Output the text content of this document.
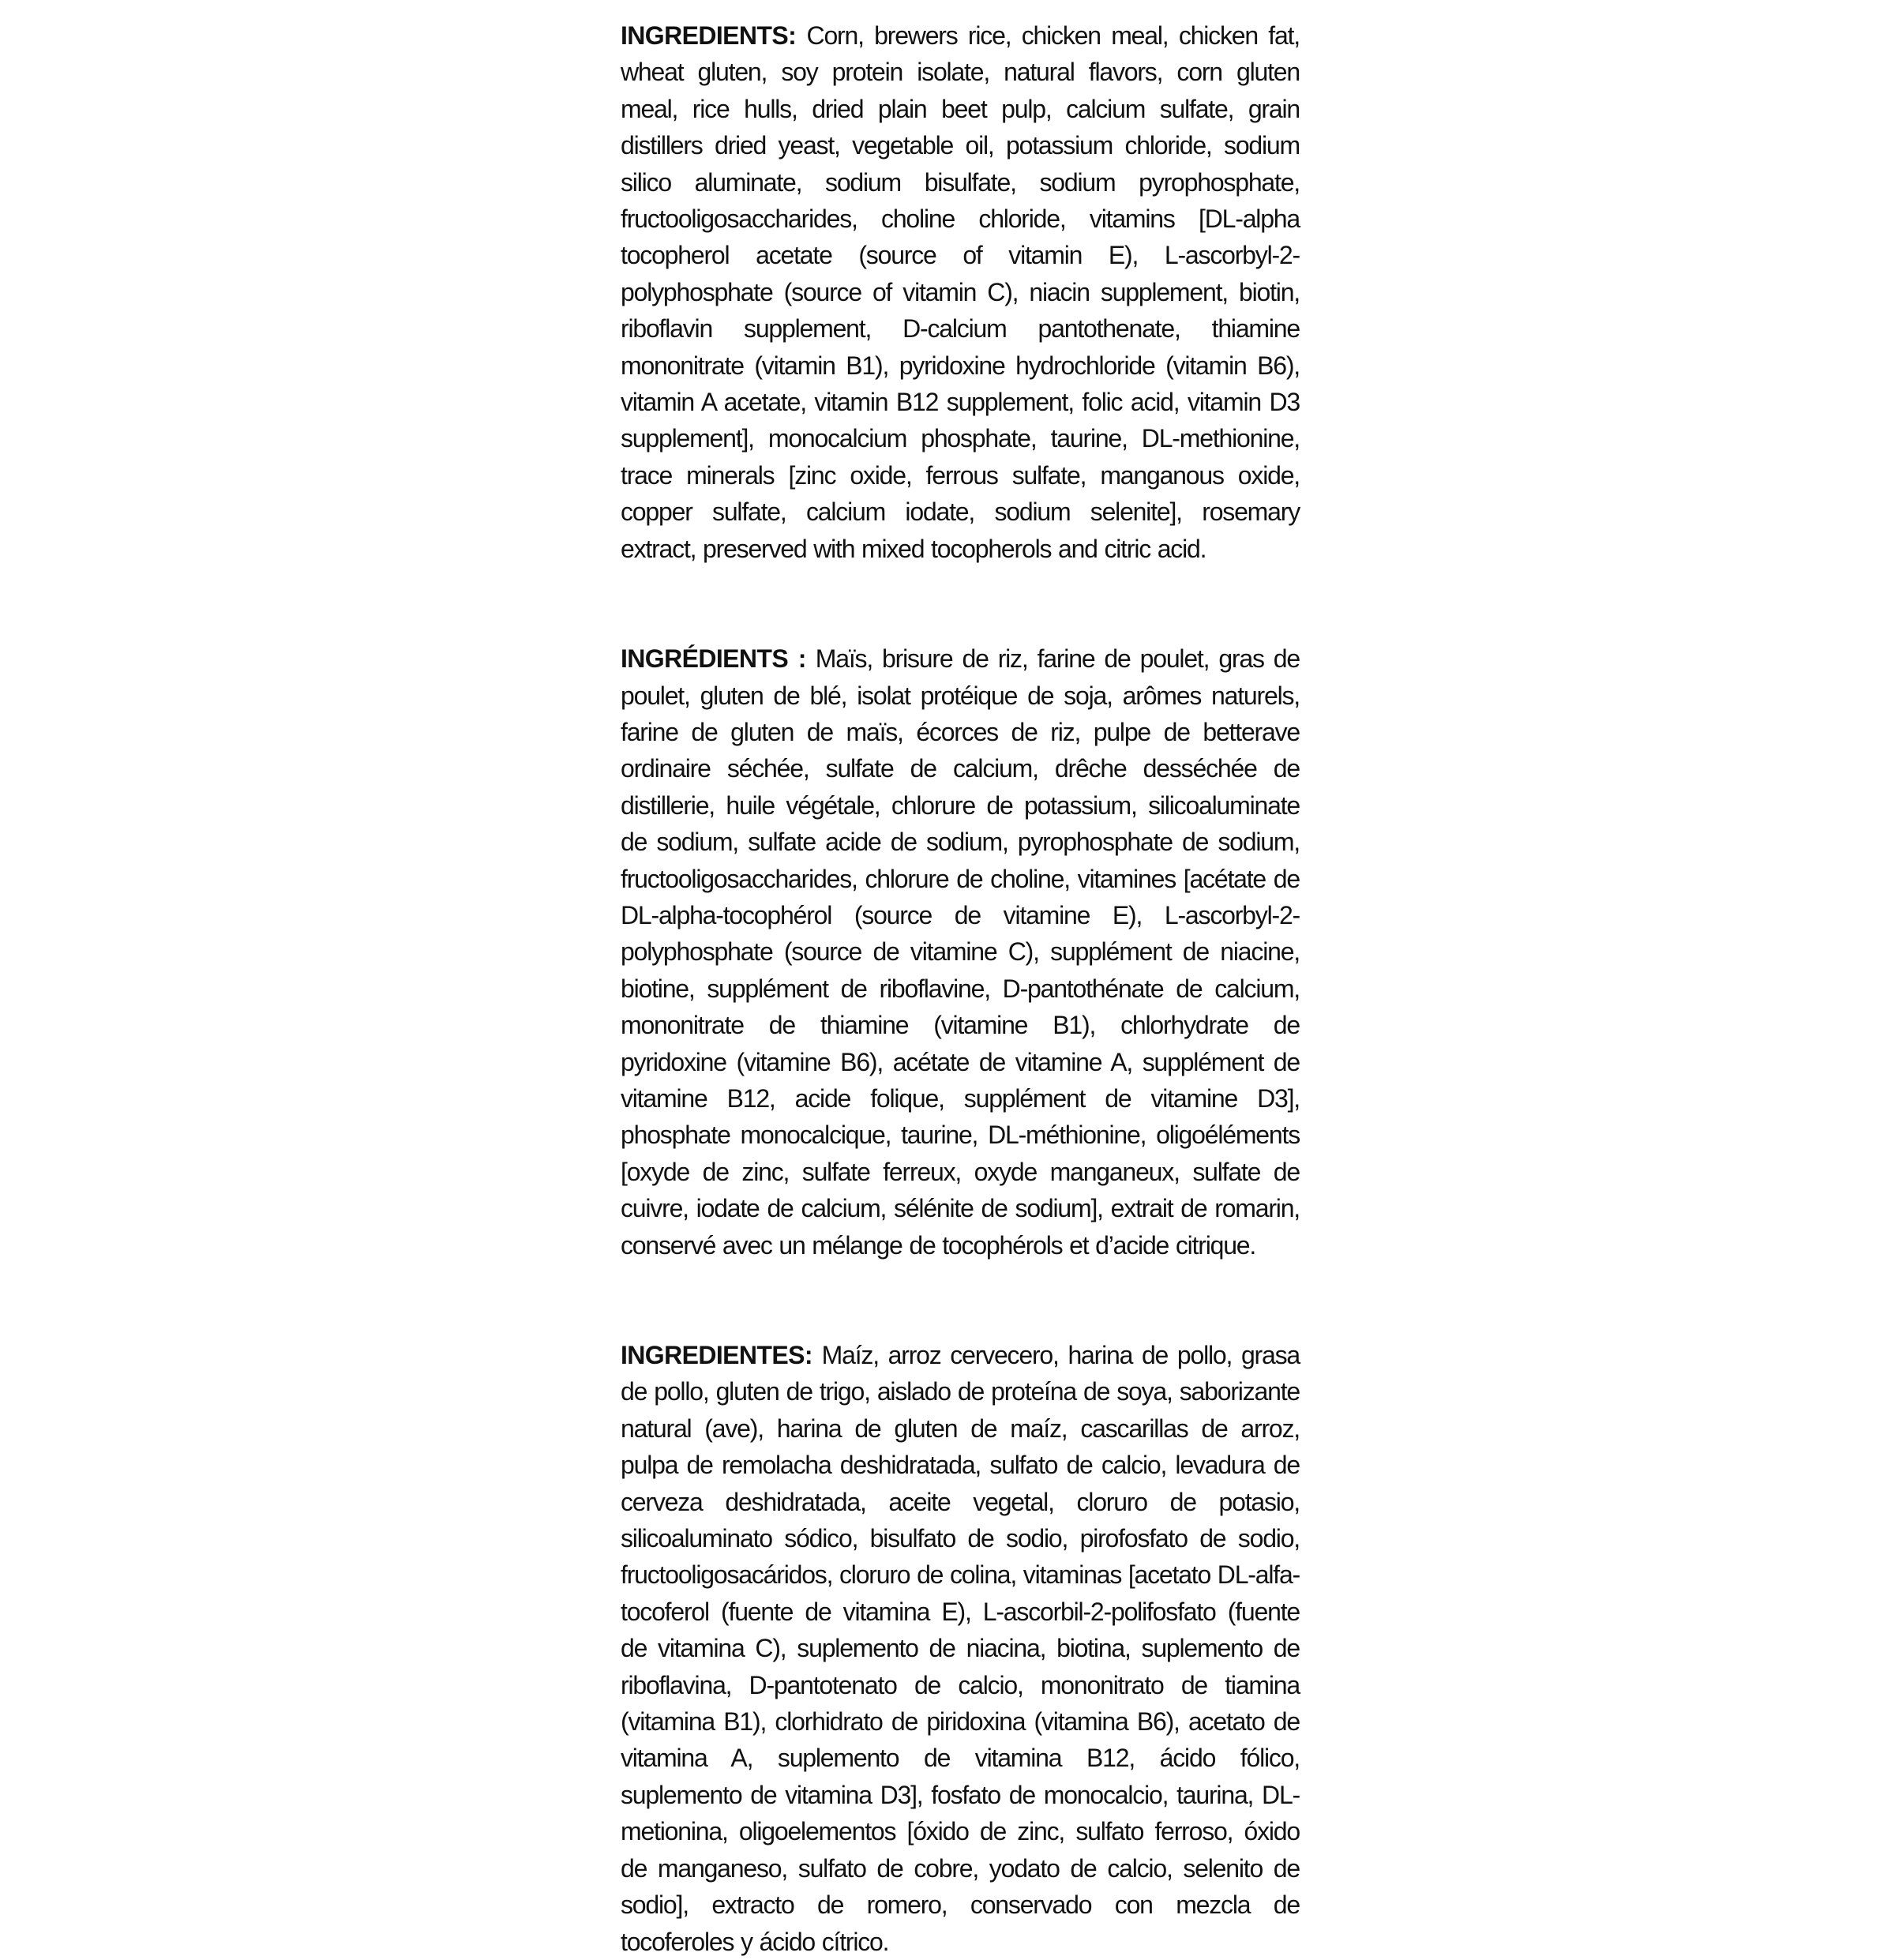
INGREDIENTS: Corn, brewers rice, chicken meal, chicken fat, wheat gluten, soy protein isolate, natural flavors, corn gluten meal, rice hulls, dried plain beet pulp, calcium sulfate, grain distillers dried yeast, vegetable oil, potassium chloride, sodium silico aluminate, sodium bisulfate, sodium pyrophosphate, fructooligosaccharides, choline chloride, vitamins [DL-alpha tocopherol acetate (source of vitamin E), L-ascorbyl-2-polyphosphate (source of vitamin C), niacin supplement, biotin, riboflavin supplement, D-calcium pantothenate, thiamine mononitrate (vitamin B1), pyridoxine hydrochloride (vitamin B6), vitamin A acetate, vitamin B12 supplement, folic acid, vitamin D3 supplement], monocalcium phosphate, taurine, DL-methionine, trace minerals [zinc oxide, ferrous sulfate, manganous oxide, copper sulfate, calcium iodate, sodium selenite], rosemary extract, preserved with mixed tocopherols and citric acid.

INGRÉDIENTS : Maïs, brisure de riz, farine de poulet, gras de poulet, gluten de blé, isolat protéique de soja, arômes naturels, farine de gluten de maïs, écorces de riz, pulpe de betterave ordinaire séchée, sulfate de calcium, drêche desséchée de distillerie, huile végétale, chlorure de potassium, silicoaluminate de sodium, sulfate acide de sodium, pyrophosphate de sodium, fructooligosaccharides, chlorure de choline, vitamines [acétate de DL-alpha-tocophérol (source de vitamine E), L-ascorbyl-2-polyphosphate (source de vitamine C), supplément de niacine, biotine, supplément de riboflavine, D-pantothénate de calcium, mononitrate de thiamine (vitamine B1), chlorhydrate de pyridoxine (vitamine B6), acétate de vitamine A, supplément de vitamine B12, acide folique, supplément de vitamine D3], phosphate monocalcique, taurine, DL-méthionine, oligoéléments [oxyde de zinc, sulfate ferreux, oxyde manganeux, sulfate de cuivre, iodate de calcium, sélénite de sodium], extrait de romarin, conservé avec un mélange de tocophérols et d’acide citrique.

INGREDIENTES: Maíz, arroz cervecero, harina de pollo, grasa de pollo, gluten de trigo, aislado de proteína de soya, saborizante natural (ave), harina de gluten de maíz, cascarillas de arroz, pulpa de remolacha deshidratada, sulfato de calcio, levadura de cerveza deshidratada, aceite vegetal, cloruro de potasio, silicoaluminato sódico, bisulfato de sodio, pirofosfato de sodio, fructooligosacáridos, cloruro de colina, vitaminas [acetato DL-alfa-tocoferol (fuente de vitamina E), L-ascorbil-2-polifosfato (fuente de vitamina C), suplemento de niacina, biotina, suplemento de riboflavina, D-pantotenato de calcio, mononitrato de tiamina (vitamina B1), clorhidrato de piridoxina (vitamina B6), acetato de vitamina A, suplemento de vitamina B12, ácido fólico, suplemento de vitamina D3], fosfato de monocalcio, taurina, DL-metionina, oligoelementos [óxido de zinc, sulfato ferroso, óxido de manganeso, sulfato de cobre, yodato de calcio, selenito de sodio], extracto de romero, conservado con mezcla de tocoferoles y ácido cítrico.
